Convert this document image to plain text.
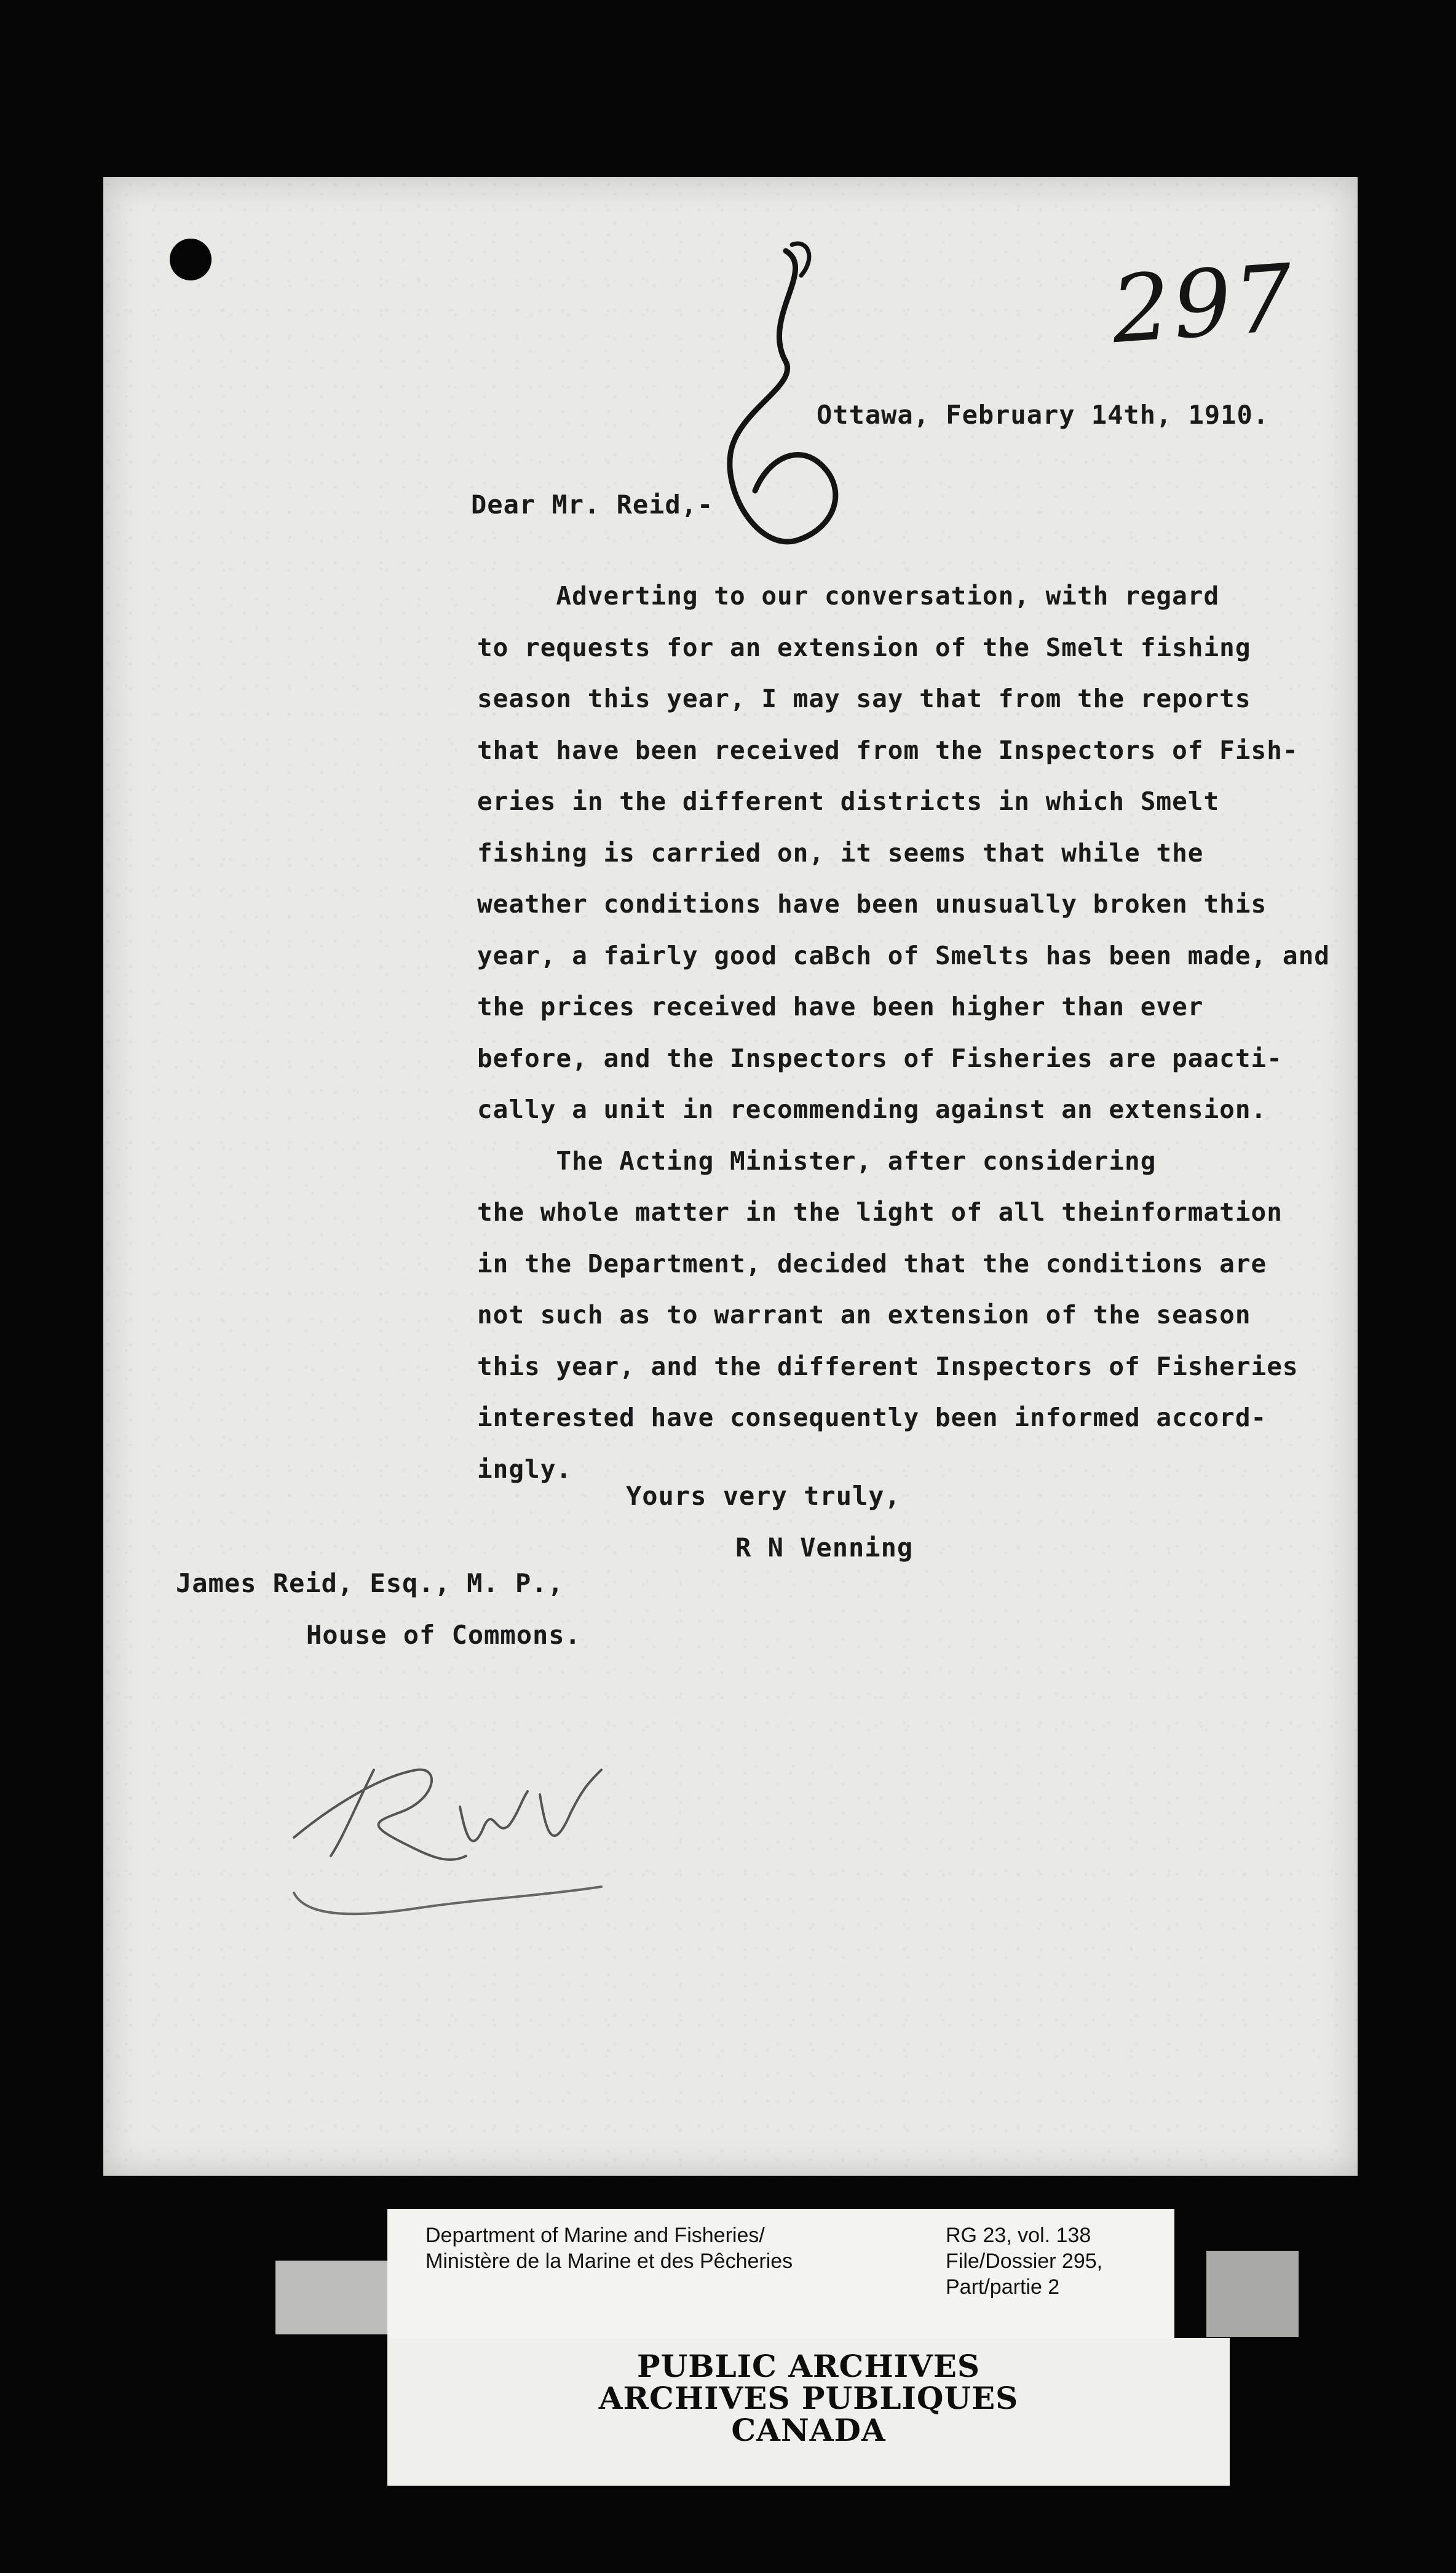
297

Ottawa, February 14th, 1910.

Dear Mr. Reid,-

Adverting to our conversation, with regard
to requests for an extension of the Smelt fishing
season this year, I may say that from the reports
that have been received from the Inspectors of Fish-
eries in the different districts in which Smelt
fishing is carried on, it seems that while the
weather conditions have been unusually broken this
year, a fairly good caBch of Smelts has been made, and
the prices received have been higher than ever
before, and the Inspectors of Fisheries are paacti-
cally a unit in recommending against an extension.
The Acting Minister, after considering
the whole matter in the light of all theinformation
in the Department, decided that the conditions are
not such as to warrant an extension of the season
this year, and the different Inspectors of Fisheries
interested have consequently been informed accord-
ingly.

Yours very truly,

R N Venning

James Reid, Esq., M. P.,

House of Commons.

Department of Marine and Fisheries/
Ministère de la Marine et des Pêcheries
RG 23, vol. 138
File/Dossier 295,
Part/partie 2
PUBLIC ARCHIVES
ARCHIVES PUBLIQUES
CANADA
